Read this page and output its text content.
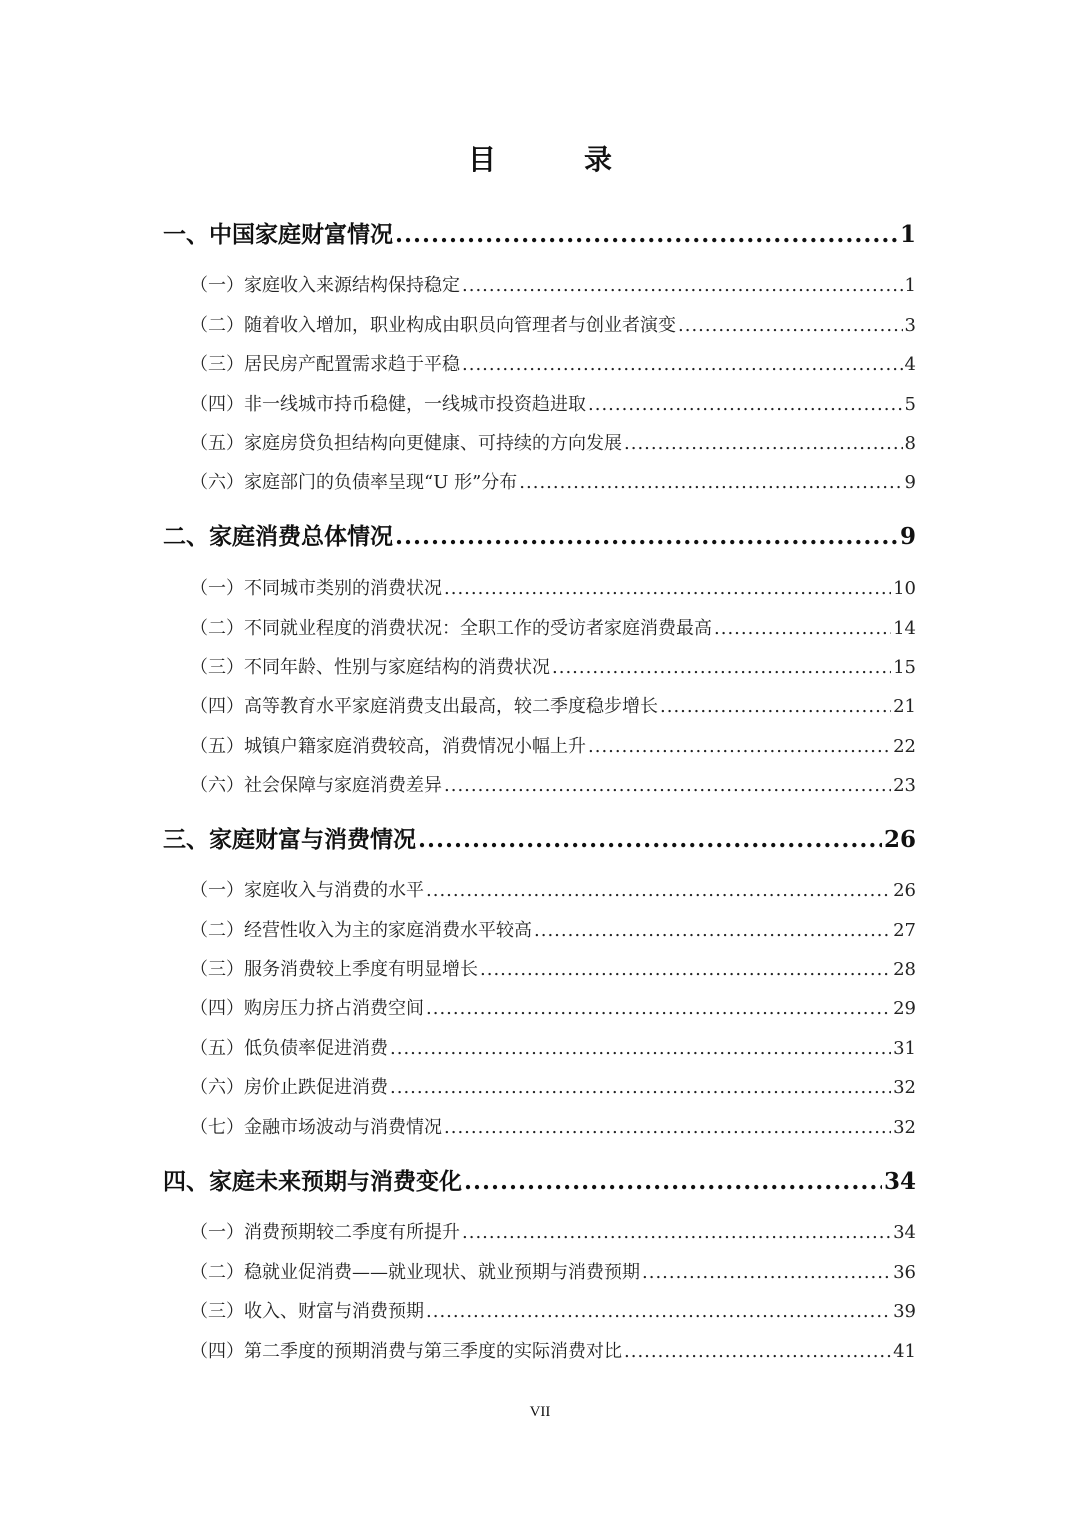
目　录
一、 中国家庭财富情况 .....	1
（一） 家庭收入来源结构保持稳定 .....	1
（二） 随着收入增加，职业构成由职员向管理者与创业者演变 .....	3
（三） 居民房产配置需求趋于平稳 .....	4
（四） 非一线城市持币稳健，一线城市投资趋进取 .....	5
（五） 家庭房贷负担结构向更健康、可持续的方向发展 .....	8
（六） 家庭部门的负债率呈现“U 形”分布 .....	9
二、 家庭消费总体情况 .....	9
（一） 不同城市类别的消费状况 .....	10
（二） 不同就业程度的消费状况：全职工作的受访者家庭消费最高 .....	14
（三） 不同年龄、性别与家庭结构的消费状况 .....	15
（四） 高等教育水平家庭消费支出最高，较二季度稳步增长 .....	21
（五） 城镇户籍家庭消费较高，消费情况小幅上升 .....	22
（六） 社会保障与家庭消费差异 .....	23
三、 家庭财富与消费情况 .....	26
（一） 家庭收入与消费的水平 .....	26
（二） 经营性收入为主的家庭消费水平较高 .....	27
（三） 服务消费较上季度有明显增长 .....	28
（四） 购房压力挤占消费空间 .....	29
（五） 低负债率促进消费 .....	31
（六） 房价止跌促进消费 .....	32
（七） 金融市场波动与消费情况 .....	32
四、 家庭未来预期与消费变化 .....	34
（一） 消费预期较二季度有所提升 .....	34
（二） 稳就业促消费——就业现状、就业预期与消费预期 .....	36
（三） 收入、财富与消费预期 .....	39
（四） 第二季度的预期消费与第三季度的实际消费对比 .....	41
VII
